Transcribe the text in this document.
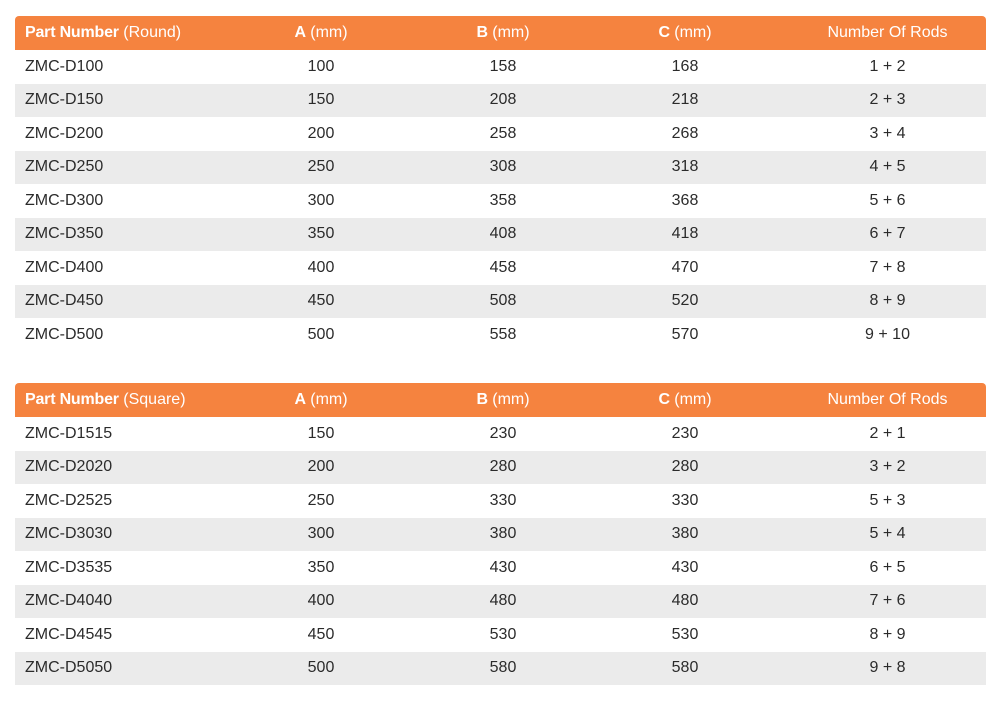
Part Number (Round)	A (mm)	B (mm)	C (mm)	Number Of Rods
ZMC-D100	100	158	168	1 + 2
ZMC-D150	150	208	218	2 + 3
ZMC-D200	200	258	268	3 + 4
ZMC-D250	250	308	318	4 + 5
ZMC-D300	300	358	368	5 + 6
ZMC-D350	350	408	418	6 + 7
ZMC-D400	400	458	470	7 + 8
ZMC-D450	450	508	520	8 + 9
ZMC-D500	500	558	570	9 + 10
Part Number (Square)	A (mm)	B (mm)	C (mm)	Number Of Rods
ZMC-D1515	150	230	230	2 + 1
ZMC-D2020	200	280	280	3 + 2
ZMC-D2525	250	330	330	5 + 3
ZMC-D3030	300	380	380	5 + 4
ZMC-D3535	350	430	430	6 + 5
ZMC-D4040	400	480	480	7 + 6
ZMC-D4545	450	530	530	8 + 9
ZMC-D5050	500	580	580	9 + 8
